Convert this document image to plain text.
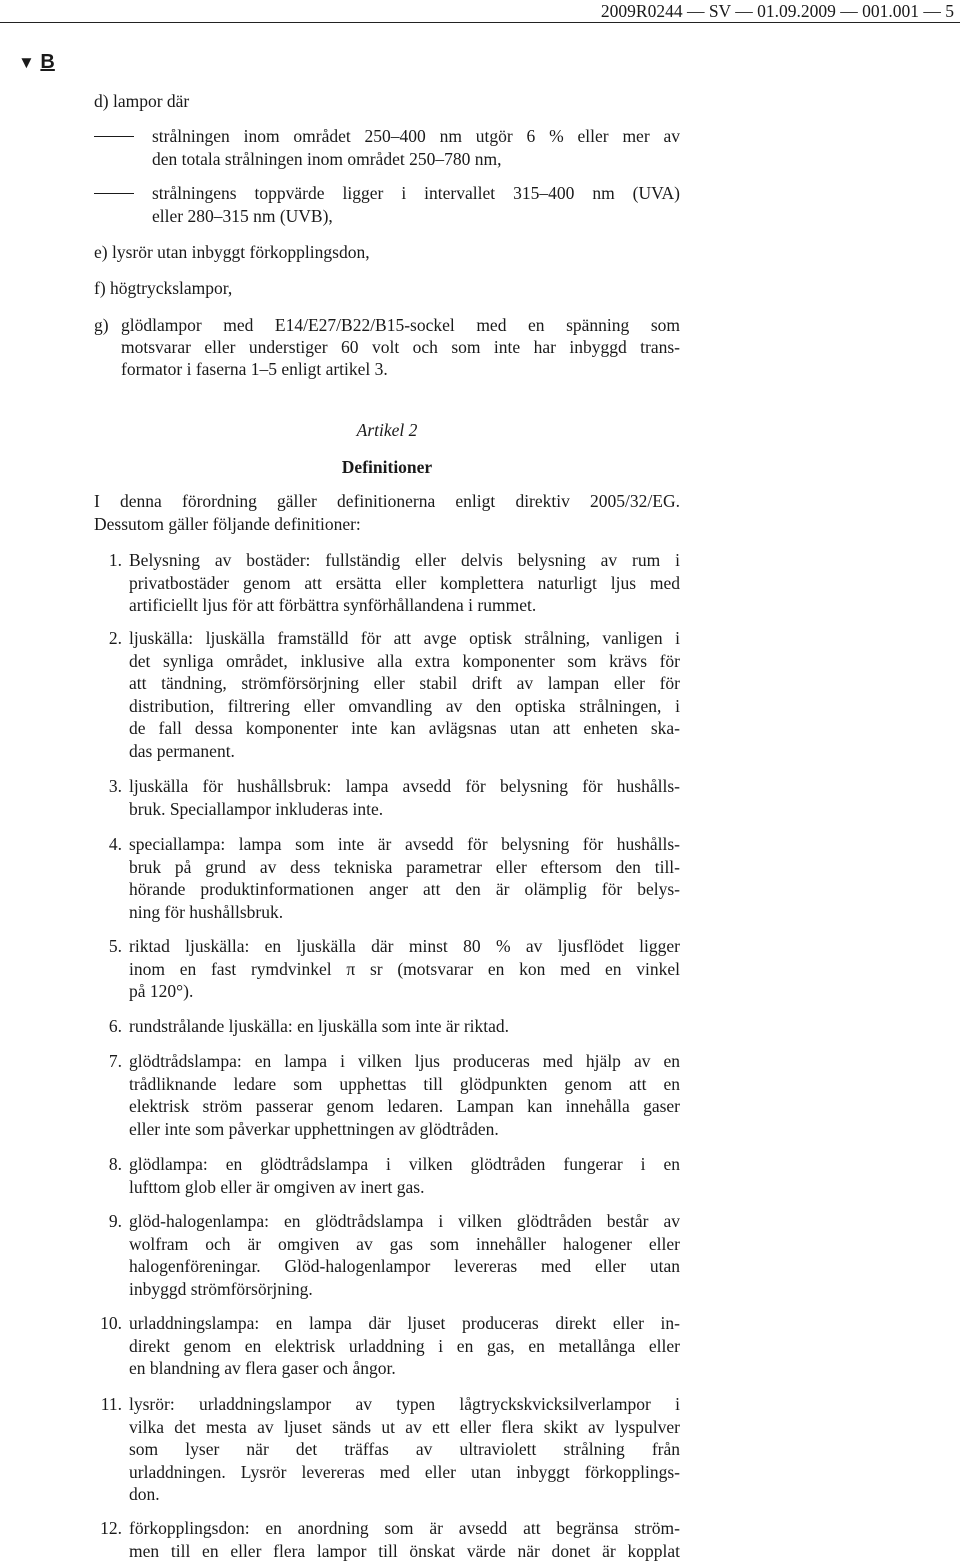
2009R0244 — SV — 01.09.2009 — 001.001 — 5
▼ B
d) lampor där
strålningen inom området 250–400 nm utgör 6 % eller mer av
den totala strålningen inom området 250–780 nm,
strålningens toppvärde ligger i intervallet 315–400 nm (UVA)
eller 280–315 nm (UVB),
e) lysrör utan inbyggt förkopplingsdon,
f) högtryckslampor,
g) glödlampor med E14/E27/B22/B15-sockel med en spänning som
motsvarar eller understiger 60 volt och som inte har inbyggd trans-
formator i faserna 1–5 enligt artikel 3.
Artikel 2
Definitioner
I denna förordning gäller definitionerna enligt direktiv 2005/32/EG.
Dessutom gäller följande definitioner:
1. Belysning av bostäder: fullständig eller delvis belysning av rum i
privatbostäder genom att ersätta eller komplettera naturligt ljus med
artificiellt ljus för att förbättra synförhållandena i rummet.
2. ljuskälla: ljuskälla framställd för att avge optisk strålning, vanligen i
det synliga området, inklusive alla extra komponenter som krävs för
att tändning, strömförsörjning eller stabil drift av lampan eller för
distribution, filtrering eller omvandling av den optiska strålningen, i
de fall dessa komponenter inte kan avlägsnas utan att enheten ska-
das permanent.
3. ljuskälla för hushållsbruk: lampa avsedd för belysning för hushålls-
bruk. Speciallampor inkluderas inte.
4. speciallampa: lampa som inte är avsedd för belysning för hushålls-
bruk på grund av dess tekniska parametrar eller eftersom den till-
hörande produktinformationen anger att den är olämplig för belys-
ning för hushållsbruk.
5. riktad ljuskälla: en ljuskälla där minst 80 % av ljusflödet ligger
inom en fast rymdvinkel π sr (motsvarar en kon med en vinkel
på 120°).
6. rundstrålande ljuskälla: en ljuskälla som inte är riktad.
7. glödtrådslampa: en lampa i vilken ljus produceras med hjälp av en
trådliknande ledare som upphettas till glödpunkten genom att en
elektrisk ström passerar genom ledaren. Lampan kan innehålla gaser
eller inte som påverkar upphettningen av glödtråden.
8. glödlampa: en glödtrådslampa i vilken glödtråden fungerar i en
lufttom glob eller är omgiven av inert gas.
9. glöd-halogenlampa: en glödtrådslampa i vilken glödtråden består av
wolfram och är omgiven av gas som innehåller halogener eller
halogenföreningar. Glöd-halogenlampor levereras med eller utan
inbyggd strömförsörjning.
10. urladdningslampa: en lampa där ljuset produceras direkt eller in-
direkt genom en elektrisk urladdning i en gas, en metallånga eller
en blandning av flera gaser och ångor.
11. lysrör: urladdningslampor av typen lågtryckskvicksilverlampor i
vilka det mesta av ljuset sänds ut av ett eller flera skikt av lyspulver
som lyser när det träffas av ultraviolett strålning från
urladdningen. Lysrör levereras med eller utan inbyggt förkopplings-
don.
12. förkopplingsdon: en anordning som är avsedd att begränsa ström-
men till en eller flera lampor till önskat värde när donet är kopplat
